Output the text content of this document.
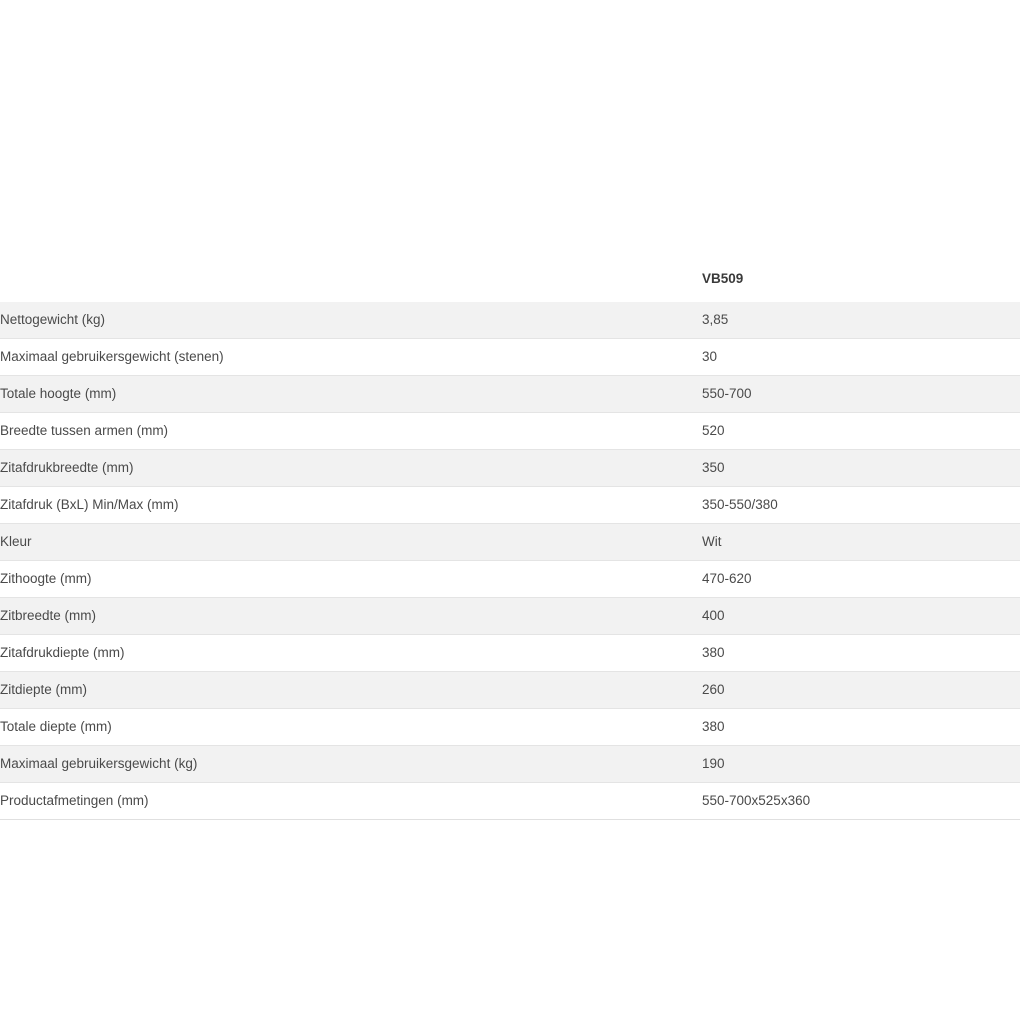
	VB509
Nettogewicht (kg)	3,85
Maximaal gebruikersgewicht (stenen)	30
Totale hoogte (mm)	550-700
Breedte tussen armen (mm)	520
Zitafdrukbreedte (mm)	350
Zitafdruk (BxL) Min/Max (mm)	350-550/380
Kleur	Wit
Zithoogte (mm)	470-620
Zitbreedte (mm)	400
Zitafdrukdiepte (mm)	380
Zitdiepte (mm)	260
Totale diepte (mm)	380
Maximaal gebruikersgewicht (kg)	190
Productafmetingen (mm)	550-700x525x360
